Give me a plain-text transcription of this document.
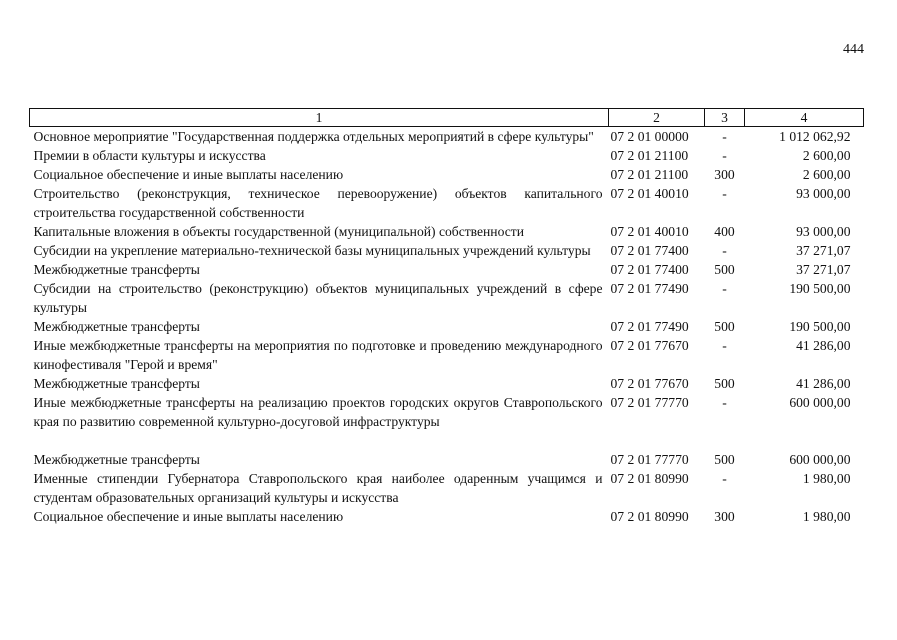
444
1	2	3	4
Основное мероприятие "Государственная поддержка отдельных мероприятий в сфере культуры"	07 2 01 00000	-	1 012 062,92
Премии в области культуры и искусства	07 2 01 21100	-	2 600,00
Социальное обеспечение и иные выплаты населению	07 2 01 21100	300	2 600,00
Строительство (реконструкция, техническое перевооружение) объектов капитального строительства государственной собственности	07 2 01 40010	-	93 000,00
Капитальные вложения в объекты государственной (муниципальной) собственности	07 2 01 40010	400	93 000,00
Субсидии на укрепление материально-технической базы муниципальных учреждений культуры	07 2 01 77400	-	37 271,07
Межбюджетные трансферты	07 2 01 77400	500	37 271,07
Субсидии на строительство (реконструкцию) объектов муниципальных учреждений в сфере культуры	07 2 01 77490	-	190 500,00
Межбюджетные трансферты	07 2 01 77490	500	190 500,00
Иные межбюджетные трансферты на мероприятия по подготовке и проведению международного кинофестиваля "Герой и время"	07 2 01 77670	-	41 286,00
Межбюджетные трансферты	07 2 01 77670	500	41 286,00
Иные межбюджетные трансферты на реализацию проектов городских округов Ставропольского края по развитию современной культурно-досуговой инфраструктуры	07 2 01 77770	-	600 000,00

Межбюджетные трансферты	07 2 01 77770	500	600 000,00
Именные стипендии Губернатора Ставропольского края наиболее одаренным учащимся и студентам образовательных организаций культуры и искусства	07 2 01 80990	-	1 980,00
Социальное обеспечение и иные выплаты населению	07 2 01 80990	300	1 980,00
